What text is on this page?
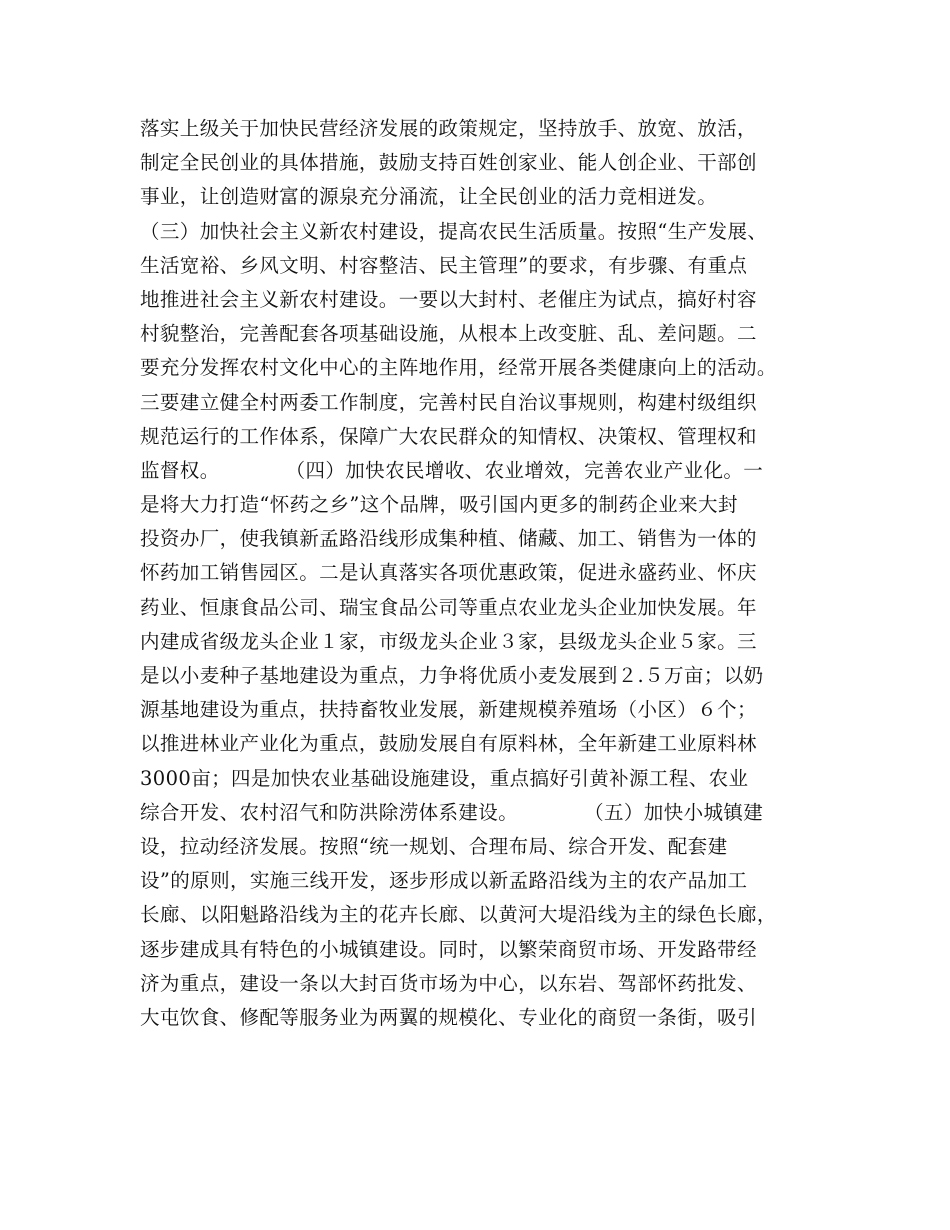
落实上级关于加快民营经济发展的政策规定，坚持放手、放宽、放活，
制定全民创业的具体措施，鼓励支持百姓创家业、能人创企业、干部创
事业，让创造财富的源泉充分涌流，让全民创业的活力竞相迸发。
（三）加快社会主义新农村建设，提高农民生活质量。按照“生产发展、
生活宽裕、乡风文明、村容整洁、民主管理”的要求，有步骤、有重点
地推进社会主义新农村建设。一要以大封村、老催庄为试点，搞好村容
村貌整治，完善配套各项基础设施，从根本上改变脏、乱、差问题。二
要充分发挥农村文化中心的主阵地作用，经常开展各类健康向上的活动。
三要建立健全村两委工作制度，完善村民自治议事规则，构建村级组织
规范运行的工作体系，保障广大农民群众的知情权、决策权、管理权和
监督权。          （四）加快农民增收、农业增效，完善农业产业化。一
是将大力打造“怀药之乡”这个品牌，吸引国内更多的制药企业来大封
投资办厂，使我镇新孟路沿线形成集种植、储藏、加工、销售为一体的
怀药加工销售园区。二是认真落实各项优惠政策，促进永盛药业、怀庆
药业、恒康食品公司、瑞宝食品公司等重点农业龙头企业加快发展。年
内建成省级龙头企业１家，市级龙头企业３家，县级龙头企业５家。三
是以小麦种子基地建设为重点，力争将优质小麦发展到２.５万亩；以奶
源基地建设为重点，扶持畜牧业发展，新建规模养殖场（小区）６个；
以推进林业产业化为重点，鼓励发展自有原料林，全年新建工业原料林
3000亩；四是加快农业基础设施建设，重点搞好引黄补源工程、农业
综合开发、农村沼气和防洪除涝体系建设。          （五）加快小城镇建
设，拉动经济发展。按照“统一规划、合理布局、综合开发、配套建
设”的原则，实施三线开发，逐步形成以新孟路沿线为主的农产品加工
长廊、以阳魁路沿线为主的花卉长廊、以黄河大堤沿线为主的绿色长廊，
逐步建成具有特色的小城镇建设。同时，以繁荣商贸市场、开发路带经
济为重点，建设一条以大封百货市场为中心，以东岩、驾部怀药批发、
大屯饮食、修配等服务业为两翼的规模化、专业化的商贸一条街，吸引
